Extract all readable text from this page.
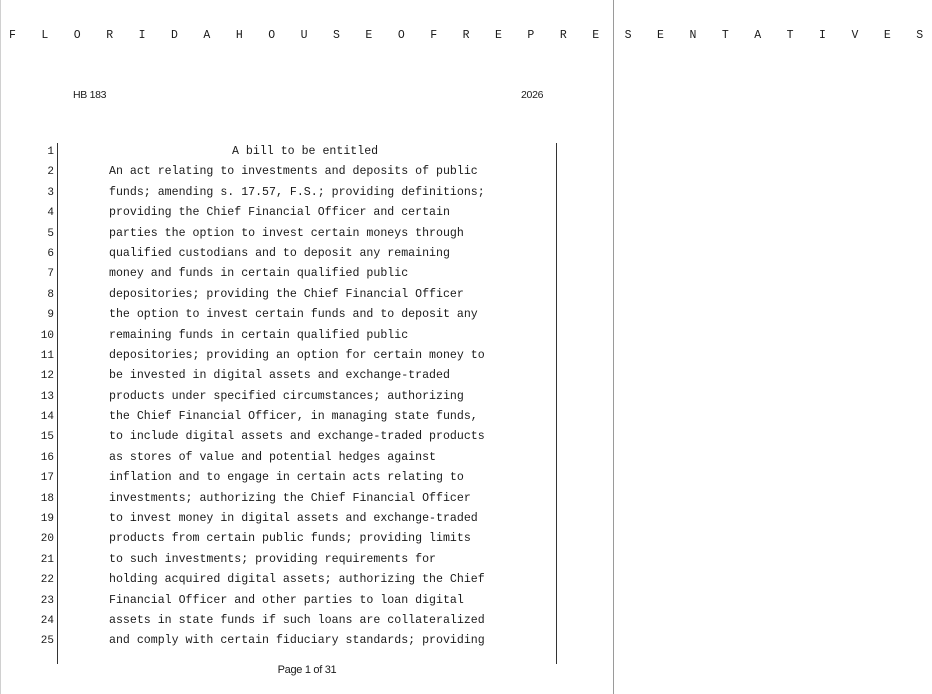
F L O R I D A H O U S E O F R E P R E S E N T A T I V E S
HB 183	2026
1	A bill to be entitled
2	An act relating to investments and deposits of public
3	funds; amending s. 17.57, F.S.; providing definitions;
4	providing the Chief Financial Officer and certain
5	parties the option to invest certain moneys through
6	qualified custodians and to deposit any remaining
7	money and funds in certain qualified public
8	depositories; providing the Chief Financial Officer
9	the option to invest certain funds and to deposit any
10	remaining funds in certain qualified public
11	depositories; providing an option for certain money to
12	be invested in digital assets and exchange-traded
13	products under specified circumstances; authorizing
14	the Chief Financial Officer, in managing state funds,
15	to include digital assets and exchange-traded products
16	as stores of value and potential hedges against
17	inflation and to engage in certain acts relating to
18	investments; authorizing the Chief Financial Officer
19	to invest money in digital assets and exchange-traded
20	products from certain public funds; providing limits
21	to such investments; providing requirements for
22	holding acquired digital assets; authorizing the Chief
23	Financial Officer and other parties to loan digital
24	assets in state funds if such loans are collateralized
25	and comply with certain fiduciary standards; providing
Page 1 of 31
